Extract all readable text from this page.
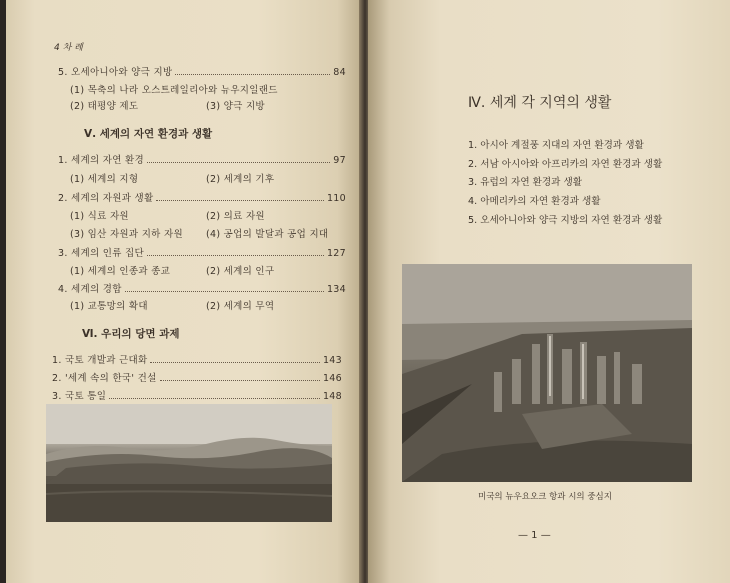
4 차 례
5. 오세아니아와 양극 지방	84
(1) 목축의 나라 오스트레일리아와 뉴우지일랜드
(2) 태평양 제도	(3) 양극 지방
Ⅴ. 세계의 자연 환경과 생활
1. 세계의 자연 환경	97
(1) 세계의 지형	(2) 세계의 기후
2. 세계의 자원과 생활	110
(1) 식료 자원	(2) 의료 자원
(3) 임산 자원과 지하 자원 (4) 공업의 발달과 공업 지대
3. 세계의 인류 집단	127
(1) 세계의 인종과 종교	(2) 세계의 인구
4. 세계의 경합	134
(1) 교통망의 확대	(2) 세계의 무역
Ⅵ. 우리의 당면 과제
1. 국토 개발과 근대화	143
2. '세계 속의 한국' 건설	146
3. 국토 통일	148
Ⅳ. 세계 각 지역의 생활
1. 아시아 계절풍 지대의 자연 환경과 생활
2. 서남 아시아와 아프리카의 자연 환경과 생활
3. 유럽의 자연 환경과 생활
4. 아메리카의 자연 환경과 생활
5. 오세아니아와 양극 지방의 자연 환경과 생활
미국의 뉴우요오크 항과 시의 중심지
— 1 —
